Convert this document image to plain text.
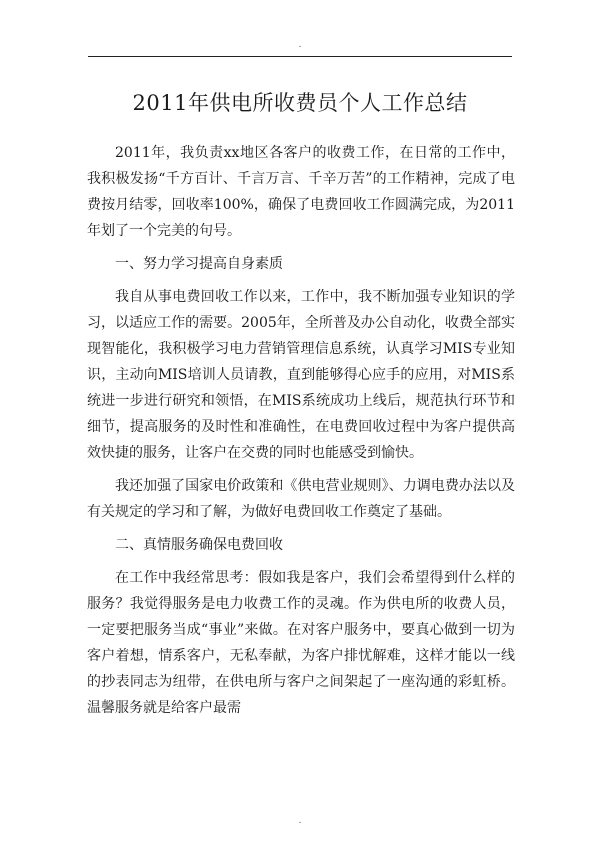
.
2011年供电所收费员个人工作总结

2011年，我负责xx地区各客户的收费工作，在日常的工作中，我积极发扬“千方百计、千言万言、千辛万苦”的工作精神，完成了电费按月结零，回收率100%，确保了电费回收工作圆满完成，为2011年划了一个完美的句号。

一、努力学习提高自身素质

我自从事电费回收工作以来，工作中，我不断加强专业知识的学习，以适应工作的需要。2005年，全所普及办公自动化，收费全部实现智能化，我积极学习电力营销管理信息系统，认真学习MIS专业知识，主动向MIS培训人员请教，直到能够得心应手的应用，对MIS系统进一步进行研究和领悟，在MIS系统成功上线后，规范执行环节和细节，提高服务的及时性和准确性，在电费回收过程中为客户提供高效快捷的服务，让客户在交费的同时也能感受到愉快。

我还加强了国家电价政策和《供电营业规则》、力调电费办法以及有关规定的学习和了解，为做好电费回收工作奠定了基础。

二、真情服务确保电费回收

在工作中我经常思考：假如我是客户，我们会希望得到什么样的服务？我觉得服务是电力收费工作的灵魂。作为供电所的收费人员，一定要把服务当成“事业”来做。在对客户服务中，要真心做到一切为客户着想，情系客户，无私奉献，为客户排忧解难，这样才能以一线的抄表同志为纽带，在供电所与客户之间架起了一座沟通的彩虹桥。温馨服务就是给客户最需

.
